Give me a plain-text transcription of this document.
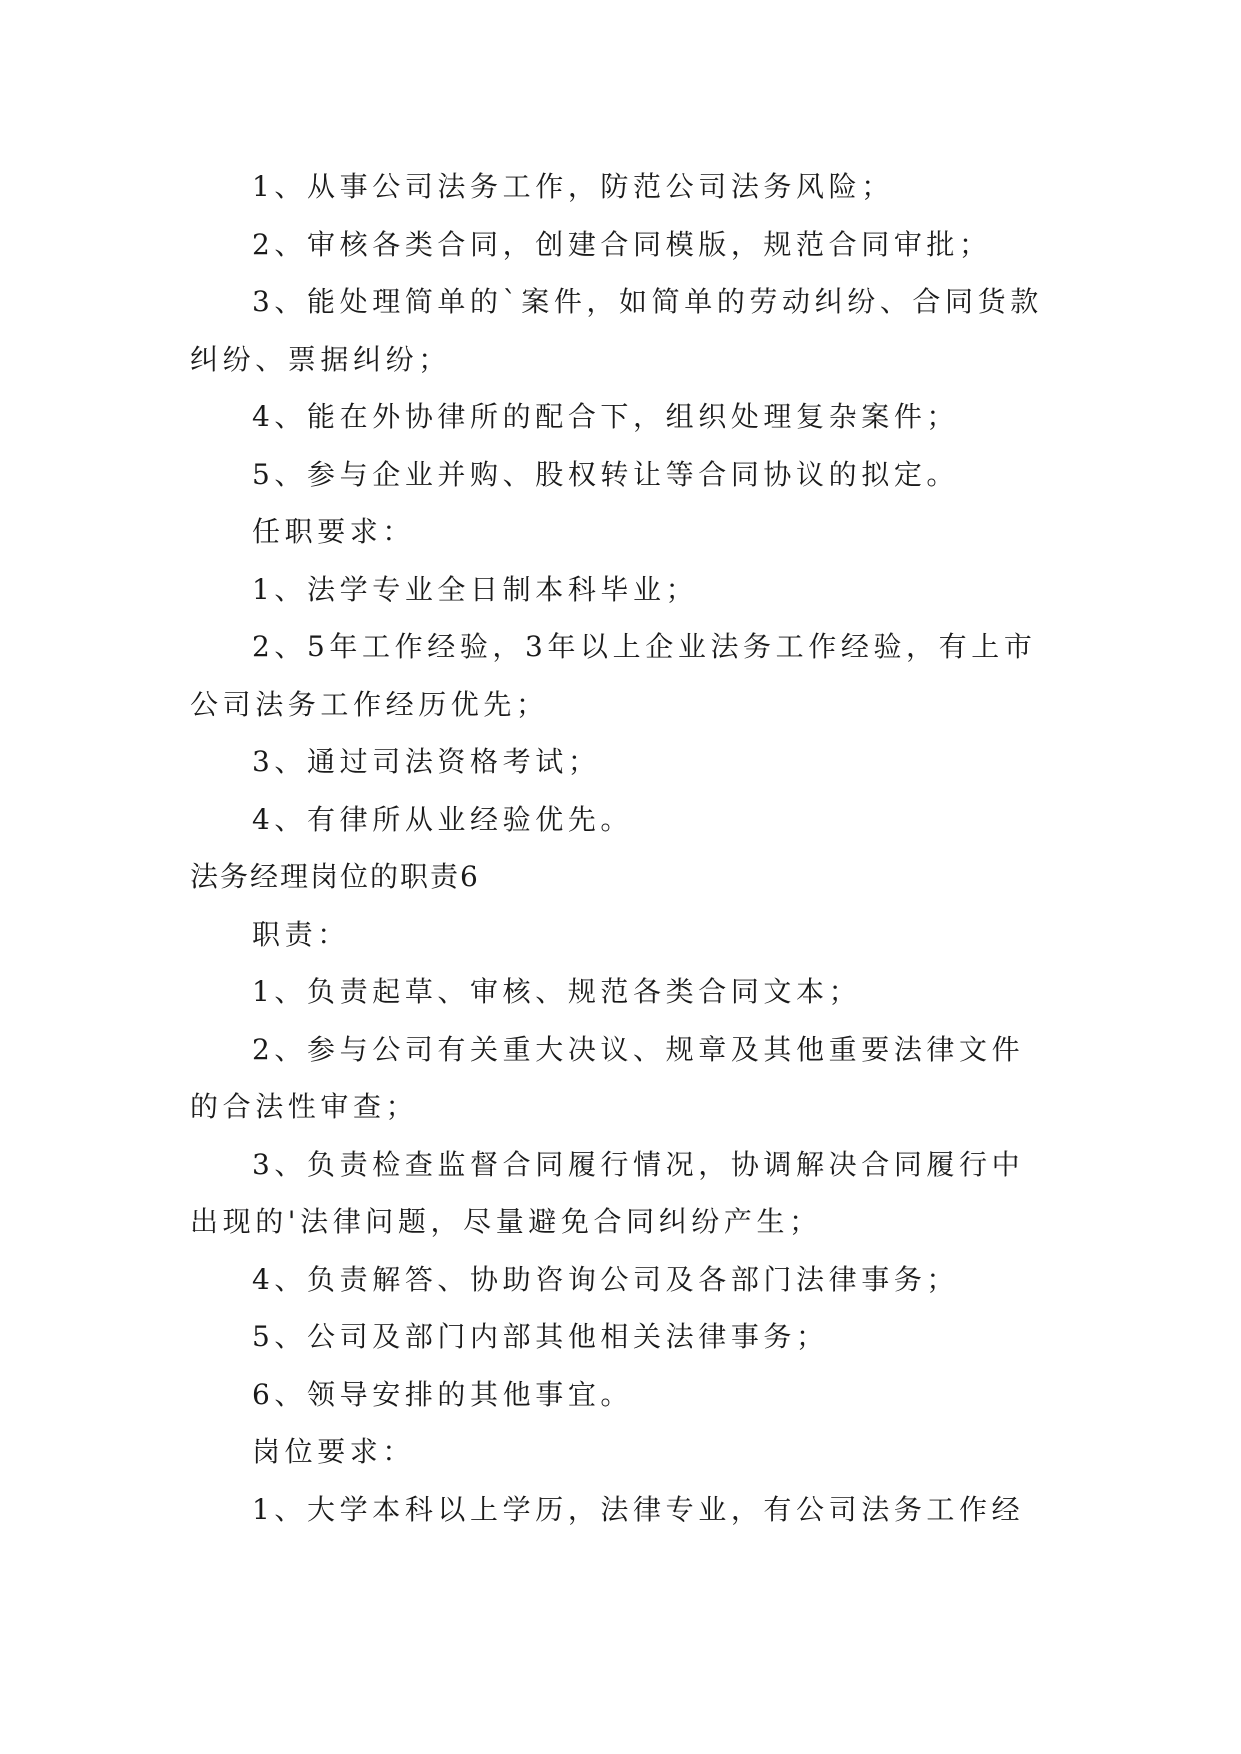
1、从事公司法务工作，防范公司法务风险；
2、审核各类合同，创建合同模版，规范合同审批；
3、能处理简单的`案件，如简单的劳动纠纷、合同货款
纠纷、票据纠纷；
4、能在外协律所的配合下，组织处理复杂案件；
5、参与企业并购、股权转让等合同协议的拟定。
任职要求：
1、法学专业全日制本科毕业；
2、5年工作经验，3年以上企业法务工作经验，有上市
公司法务工作经历优先；
3、通过司法资格考试；
4、有律所从业经验优先。
法务经理岗位的职责6
职责：
1、负责起草、审核、规范各类合同文本；
2、参与公司有关重大决议、规章及其他重要法律文件
的合法性审查；
3、负责检查监督合同履行情况，协调解决合同履行中
出现的'法律问题，尽量避免合同纠纷产生；
4、负责解答、协助咨询公司及各部门法律事务；
5、公司及部门内部其他相关法律事务；
6、领导安排的其他事宜。
岗位要求：
1、大学本科以上学历，法律专业，有公司法务工作经
